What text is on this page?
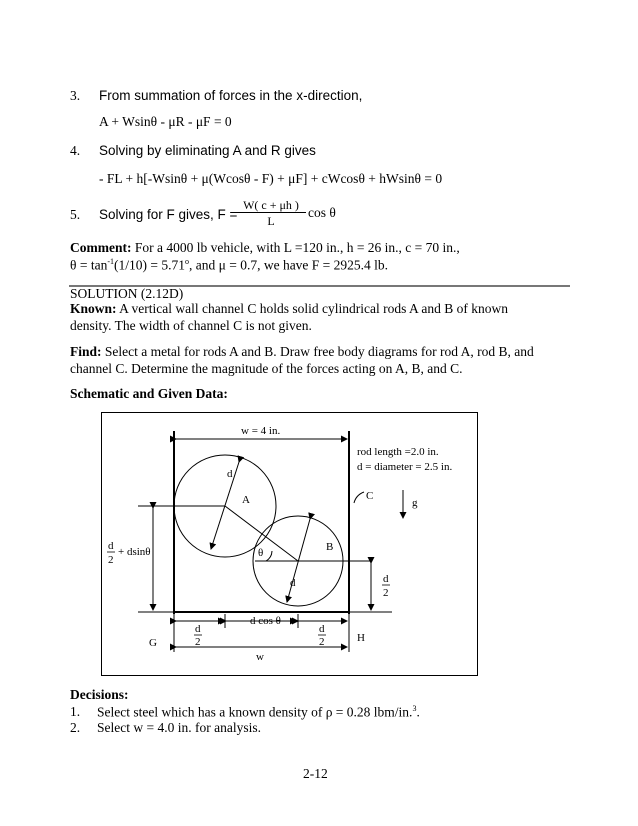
3. From summation of forces in the x-direction,
A + Wsinθ - μR - μF = 0
4. Solving by eliminating A and R gives
- FL + h[-Wsinθ + μ(Wcosθ - F) + μF] + cWcosθ + hWsinθ = 0
5. Solving for F gives, F =
W( c + μh )
L
cos θ
Comment: For a 4000 lb vehicle, with L =120 in., h = 26 in., c = 70 in.,
$\theta = \tan^{-1}(1/10) = 5.71^o$, and μ = 0.7, we have F = 2925.4 lb.
SOLUTION (2.12D)
Known: A vertical wall channel C holds solid cylindrical rods A and B of known
density. The width of channel C is not given.
Find: Select a metal for rods A and B. Draw free body diagrams for rod A, rod B, and
channel C. Determine the magnitude of the forces acting on A, B, and C.
Schematic and Given Data:
w = 4 in.
rod length =2.0 in.
d = diameter = 2.5 in.
A
B
C
g
d
d
θ
d cos θ
G	H
w
+ dsinθ
d
2
d
2
d
2
d
2
Decisions:
1. Select steel which has a known density of ρ = 0.28 lbm/in.$^3$.
2. Select w = 4.0 in. for analysis.
2-12
